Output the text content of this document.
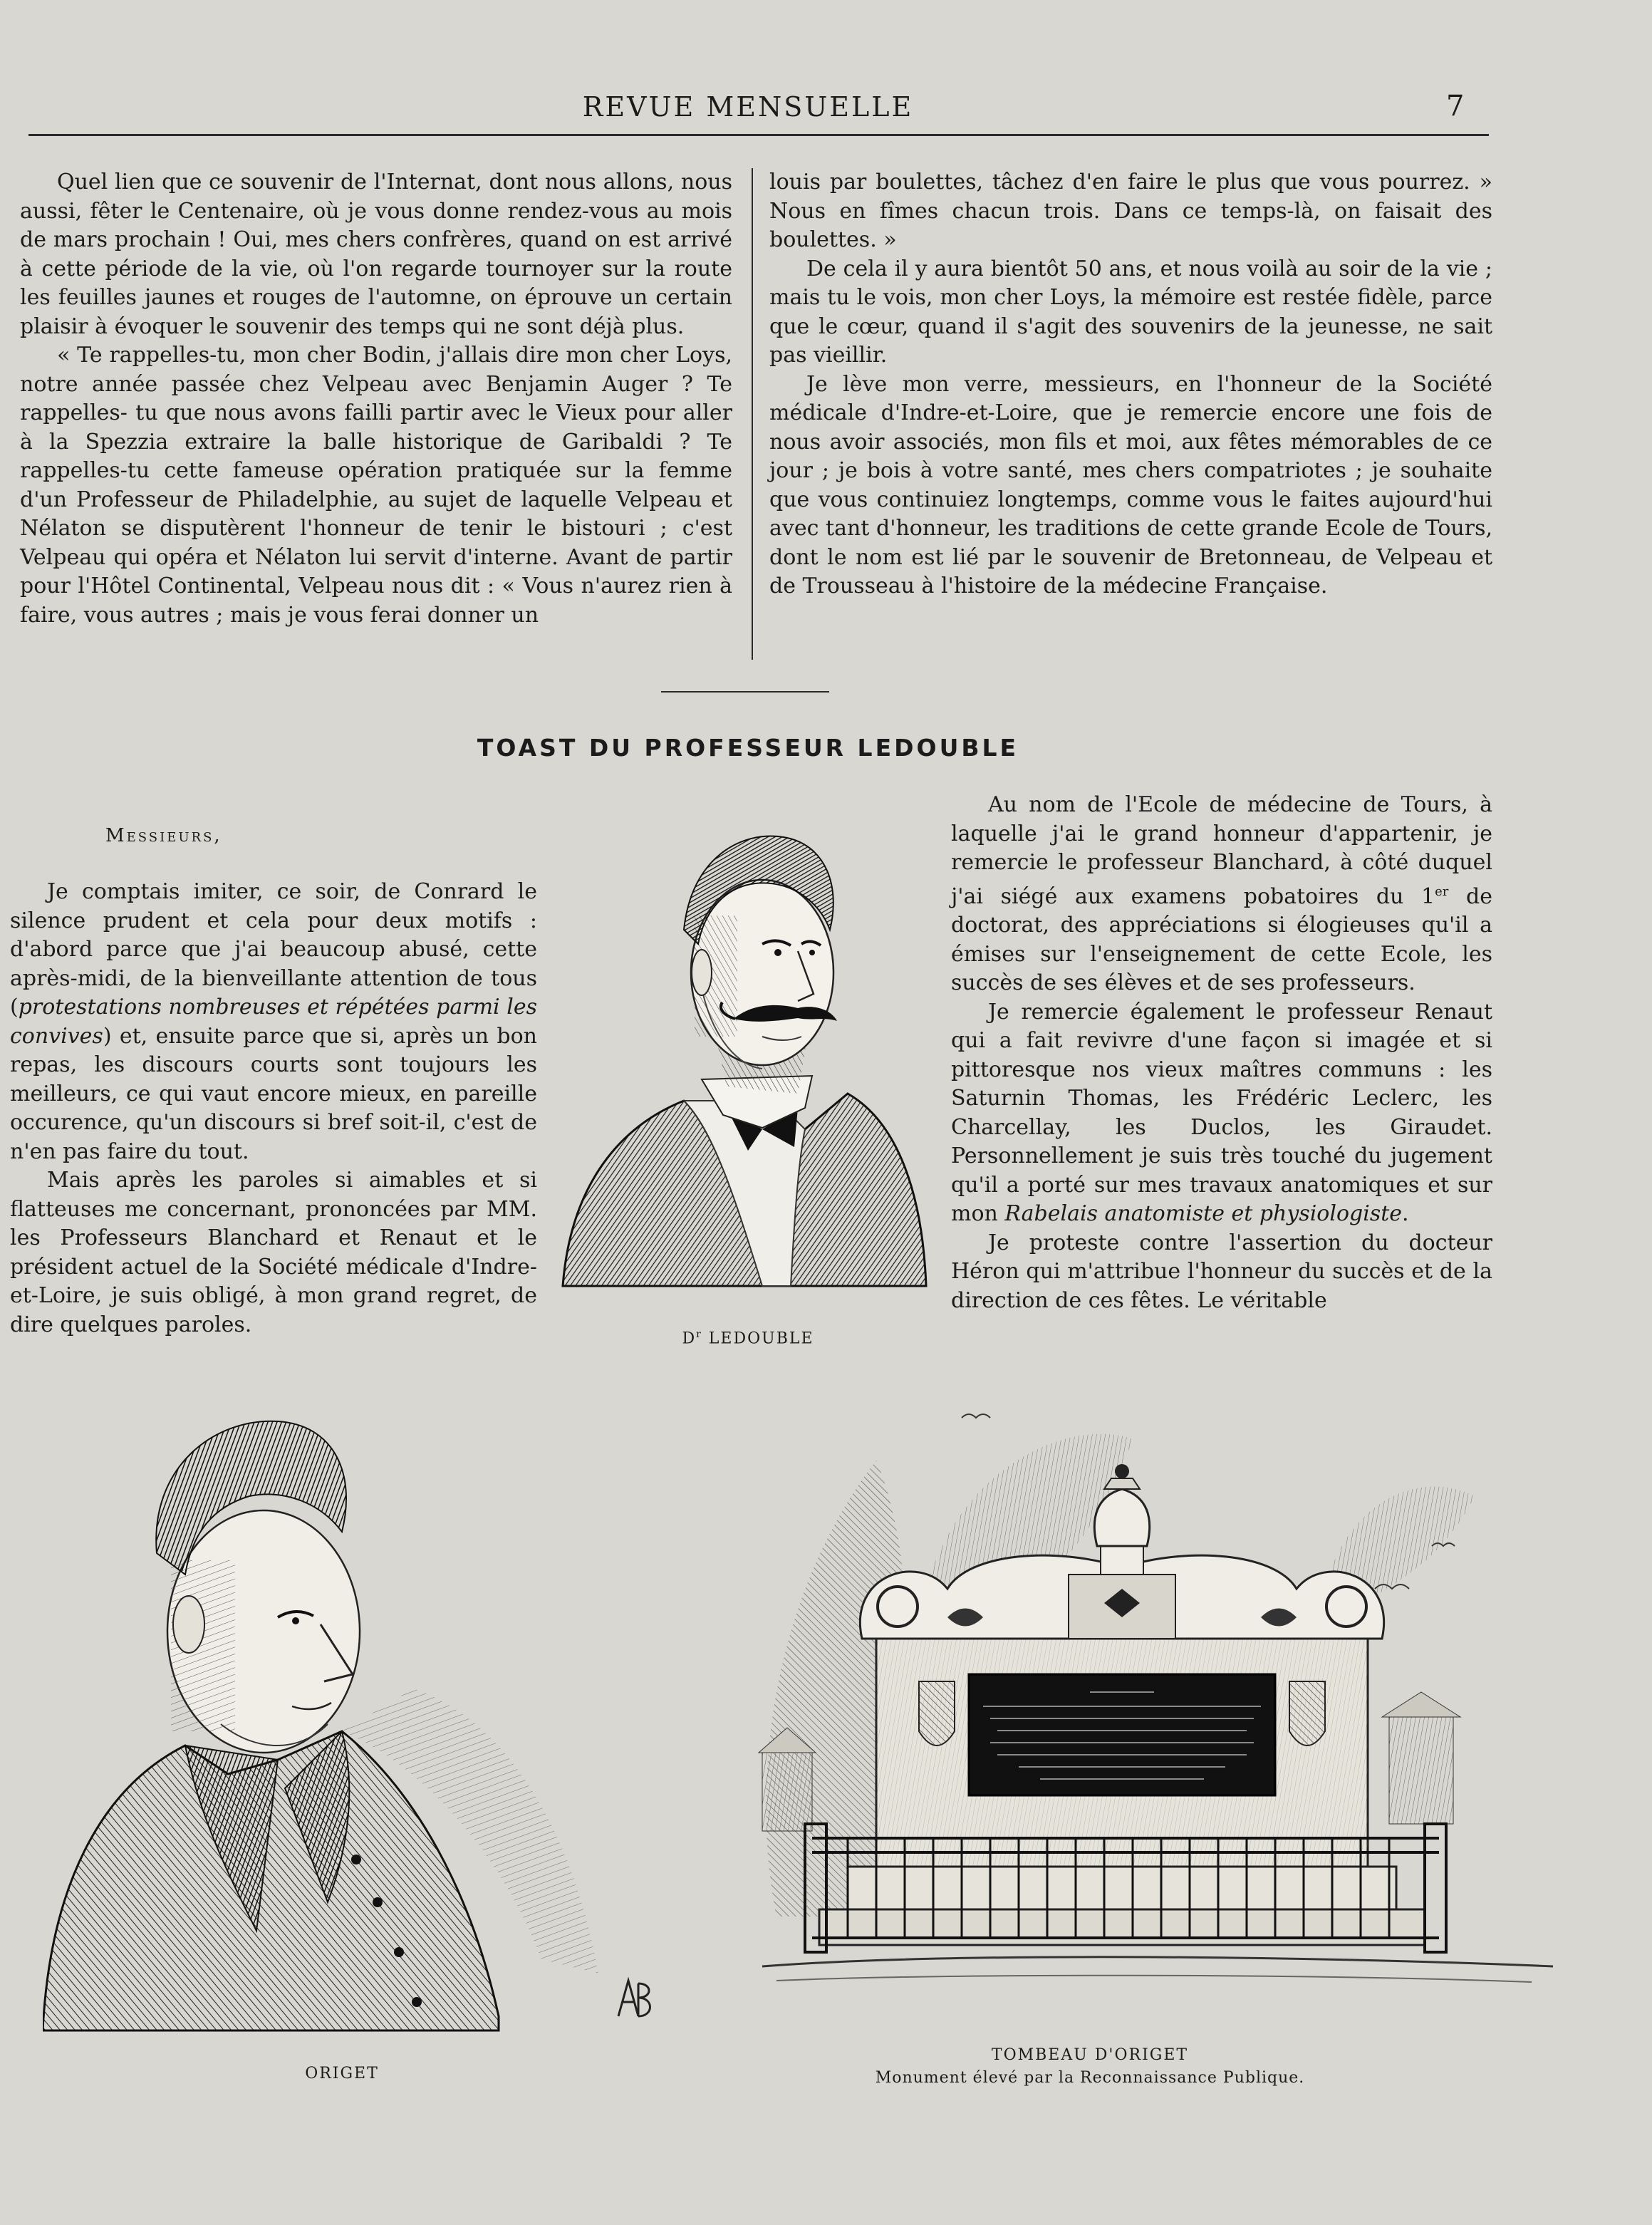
REVUE MENSUELLE	7

Quel lien que ce souvenir de l'Internat, dont nous allons, nous aussi, fêter le Centenaire, où je vous donne rendez-vous au mois de mars prochain ! Oui, mes chers confrères, quand on est arrivé à cette période de la vie, où l'on regarde tournoyer sur la route les feuilles jaunes et rouges de l'automne, on éprouve un certain plaisir à évoquer le souvenir des temps qui ne sont déjà plus.

« Te rappelles-tu, mon cher Bodin, j'allais dire mon cher Loys, notre année passée chez Velpeau avec Benjamin Auger ? Te rappelles- tu que nous avons failli partir avec le Vieux pour aller à la Spezzia extraire la balle historique de Garibaldi ? Te rappelles-tu cette fameuse opération pratiquée sur la femme d'un Professeur de Philadelphie, au sujet de laquelle Velpeau et Nélaton se disputèrent l'honneur de tenir le bistouri ; c'est Velpeau qui opéra et Nélaton lui servit d'interne. Avant de partir pour l'Hôtel Continental, Velpeau nous dit : « Vous n'aurez rien à faire, vous autres ; mais je vous ferai donner un

louis par boulettes, tâchez d'en faire le plus que vous pourrez. » Nous en fîmes chacun trois. Dans ce temps-là, on faisait des boulettes. »

De cela il y aura bientôt 50 ans, et nous voilà au soir de la vie ; mais tu le vois, mon cher Loys, la mémoire est restée fidèle, parce que le cœur, quand il s'agit des souvenirs de la jeunesse, ne sait pas vieillir.

Je lève mon verre, messieurs, en l'honneur de la Société médicale d'Indre-et-Loire, que je remercie encore une fois de nous avoir associés, mon fils et moi, aux fêtes mémorables de ce jour ; je bois à votre santé, mes chers compatriotes ; je souhaite que vous continuiez longtemps, comme vous le faites aujourd'hui avec tant d'honneur, les traditions de cette grande Ecole de Tours, dont le nom est lié par le souvenir de Bretonneau, de Velpeau et de Trousseau à l'histoire de la médecine Française.

TOAST DU PROFESSEUR LEDOUBLE
Messieurs,

Je comptais imiter, ce soir, de Conrard le silence prudent et cela pour deux motifs : d'abord parce que j'ai beaucoup abusé, cette après-midi, de la bienveillante attention de tous (protestations nombreuses et répétées parmi les convives) et, ensuite parce que si, après un bon repas, les discours courts sont toujours les meilleurs, ce qui vaut encore mieux, en pareille occurence, qu'un discours si bref soit-il, c'est de n'en pas faire du tout.

Mais après les paroles si aimables et si flatteuses me concernant, prononcées par MM. les Professeurs Blanchard et Renaut et le président actuel de la Société médicale d'Indre-et-Loire, je suis obligé, à mon grand regret, de dire quelques paroles.

$D^r$ LEDOUBLE

Au nom de l'Ecole de médecine de Tours, à laquelle j'ai le grand honneur d'appartenir, je remercie le professeur Blanchard, à côté duquel j'ai siégé aux examens pobatoires du 1er de doctorat, des appréciations si élogieuses qu'il a émises sur l'enseignement de cette Ecole, les succès de ses élèves et de ses professeurs.

Je remercie également le professeur Renaut qui a fait revivre d'une façon si imagée et si pittoresque nos vieux maîtres communs : les Saturnin Thomas, les Frédéric Leclerc, les Charcellay, les Duclos, les Giraudet. Personnellement je suis très touché du jugement qu'il a porté sur mes travaux anatomiques et sur mon Rabelais anatomiste et physiologiste.

Je proteste contre l'assertion du docteur Héron qui m'attribue l'honneur du succès et de la direction de ces fêtes. Le véritable

ORIGET
TOMBEAU D'ORIGET
Monument élevé par la Reconnaissance Publique.
